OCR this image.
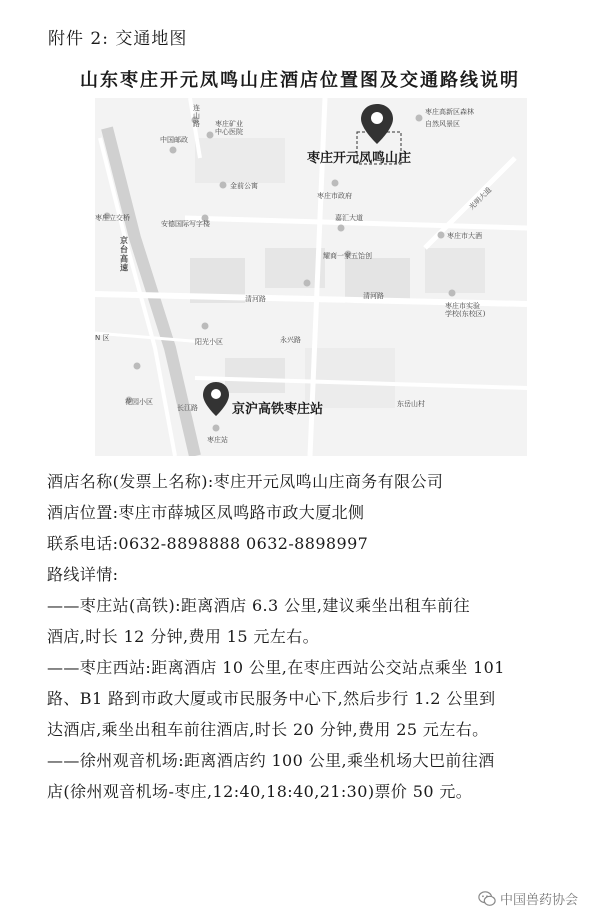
附件 2: 交通地图
山东枣庄开元凤鸣山庄酒店位置图及交通路线说明
枣庄开元凤鸣山庄
京沪高铁枣庄站
连山路 枣庄矿业中心医院
中国邮政
枣庄高新区森林
自然风景区
金前公寓
枣庄市政府	光明大道
枣庄立交桥
安德国际写字楼
嘉汇大道
枣庄市大酒
京台高速
耀商一家五饴创
清河路	清河路
枣庄市实验学校(东校区)
阳光小区	永兴路
N 区
花园小区
长江路	东岳山村
枣庄站
酒店名称(发票上名称):枣庄开元凤鸣山庄商务有限公司
酒店位置:枣庄市薛城区凤鸣路市政大厦北侧
联系电话:0632-8898888 0632-8898997
路线详情:
——枣庄站(高铁):距离酒店 6.3 公里,建议乘坐出租车前往
酒店,时长 12 分钟,费用 15 元左右。
——枣庄西站:距离酒店 10 公里,在枣庄西站公交站点乘坐 101
路、B1 路到市政大厦或市民服务中心下,然后步行 1.2 公里到
达酒店,乘坐出租车前往酒店,时长 20 分钟,费用 25 元左右。
——徐州观音机场:距离酒店约 100 公里,乘坐机场大巴前往酒
店(徐州观音机场-枣庄,12:40,18:40,21:30)票价 50 元。
中国兽药协会
